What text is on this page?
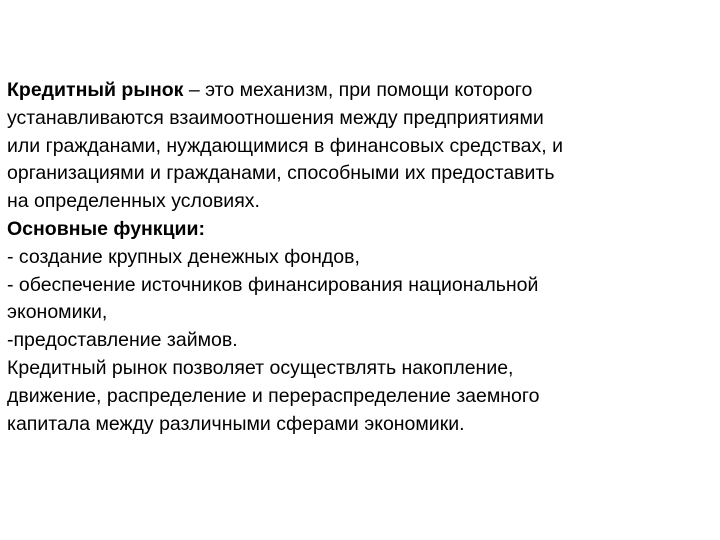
Кредитный рынок – это механизм, при помощи которого
устанавливаются взаимоотношения между предприятиями
или гражданами, нуждающимися в финансовых средствах, и
организациями и гражданами, способными их предоставить
на определенных условиях.
Основные функции:
- создание крупных денежных фондов,
- обеспечение источников финансирования национальной
экономики,
-предоставление займов.
Кредитный рынок позволяет осуществлять накопление,
движение, распределение и перераспределение заемного
капитала между различными сферами экономики.
